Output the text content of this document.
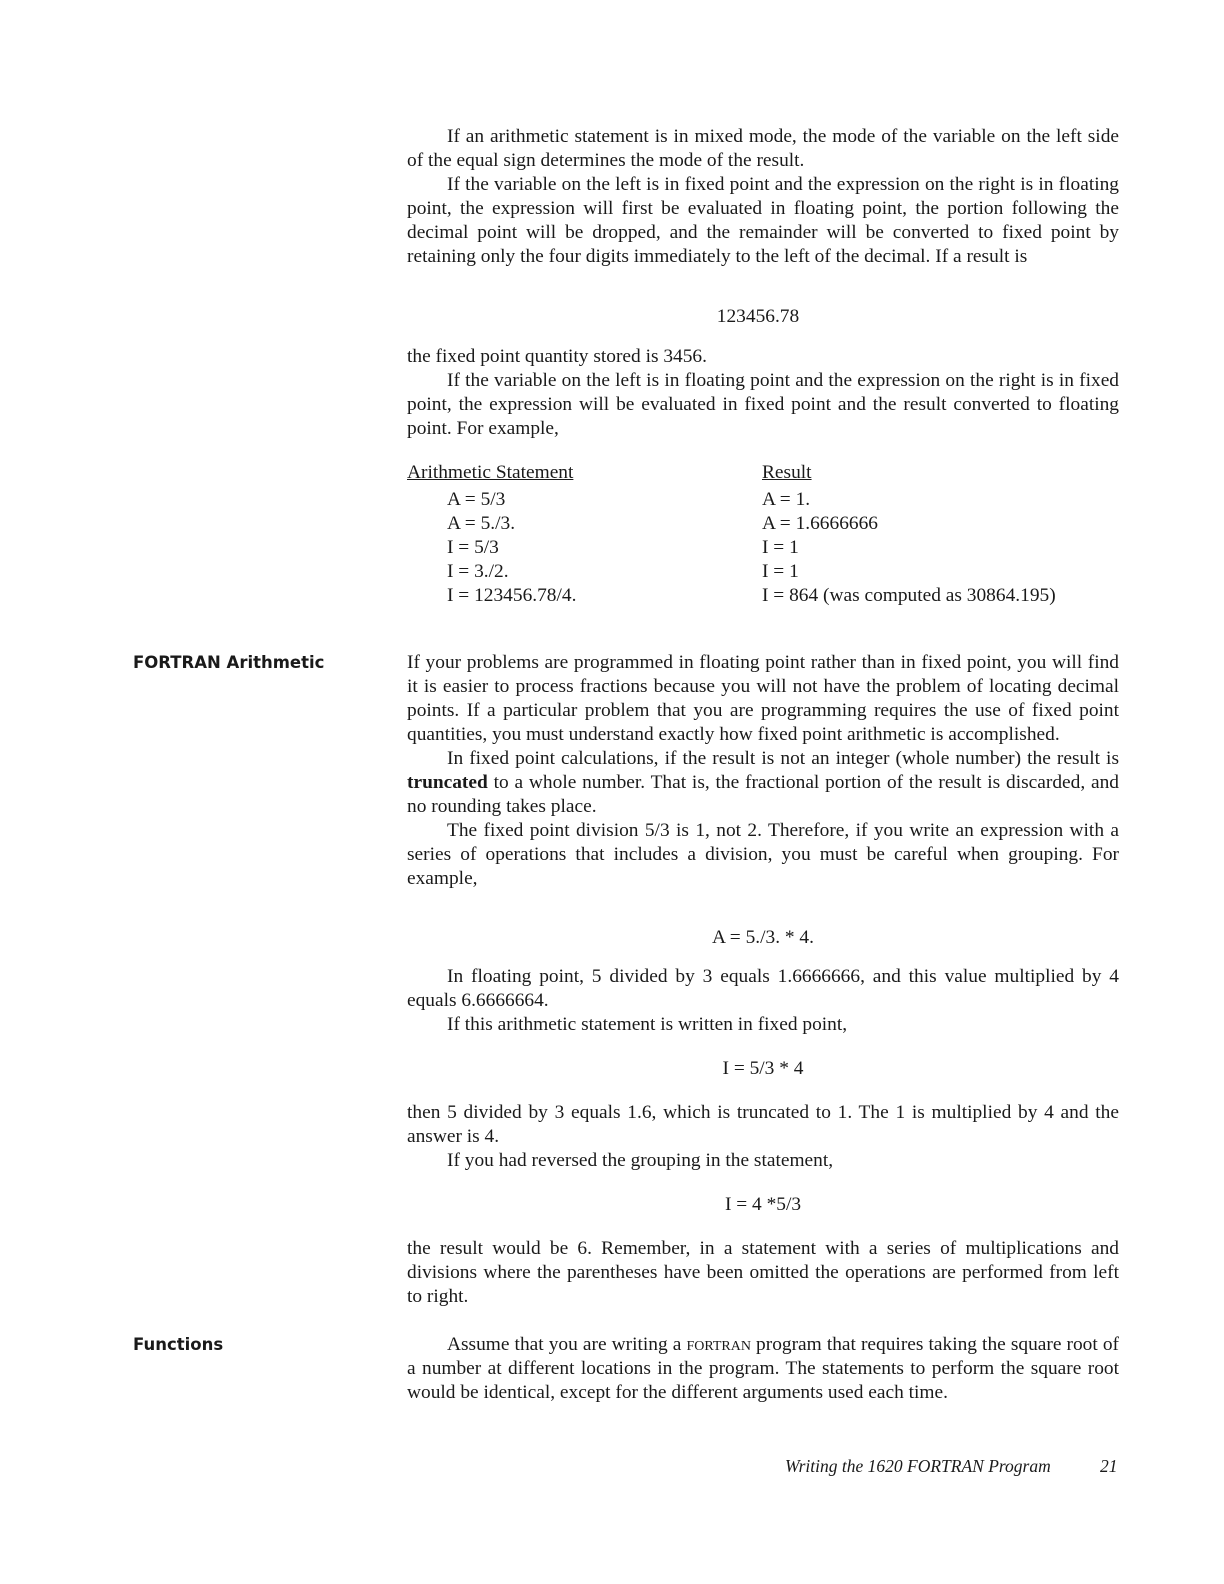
If an arithmetic statement is in mixed mode, the mode of the variable on the left side of the equal sign determines the mode of the result.

If the variable on the left is in fixed point and the expression on the right is in floating point, the expression will first be evaluated in floating point, the portion following the decimal point will be dropped, and the remainder will be converted to fixed point by retaining only the four digits immediately to the left of the decimal. If a result is

123456.78

the fixed point quantity stored is 3456.

If the variable on the left is in floating point and the expression on the right is in fixed point, the expression will be evaluated in fixed point and the result converted to floating point. For example,

Arithmetic Statement	Result
A = 5/3	A = 1.
A = 5./3.	A = 1.6666666
I = 5/3	I = 1
I = 3./2.	I = 1
I = 123456.78/4.	I = 864 (was computed as 30864.195)
FORTRAN Arithmetic	If your problems are programmed in floating point rather than in fixed point, you will find it is easier to process fractions because you will not have the problem of locating decimal points. If a particular problem that you are programming requires the use of fixed point quantities, you must understand exactly how fixed point arithmetic is accomplished.

In fixed point calculations, if the result is not an integer (whole number) the result is truncated to a whole number. That is, the fractional portion of the result is discarded, and no rounding takes place.

The fixed point division 5/3 is 1, not 2. Therefore, if you write an expression with a series of operations that includes a division, you must be careful when grouping. For example,

A = 5./3. * 4.

In floating point, 5 divided by 3 equals 1.6666666, and this value multiplied by 4 equals 6.6666664.

If this arithmetic statement is written in fixed point,

I = 5/3 * 4

then 5 divided by 3 equals 1.6, which is truncated to 1. The 1 is multiplied by 4 and the answer is 4.

If you had reversed the grouping in the statement,

I = 4 *5/3

the result would be 6. Remember, in a statement with a series of multiplications and divisions where the parentheses have been omitted the operations are performed from left to right.

Functions	Assume that you are writing a fortran program that requires taking the square root of a number at different locations in the program. The statements to perform the square root would be identical, except for the different arguments used each time.

Writing the 1620 FORTRAN Program	21
